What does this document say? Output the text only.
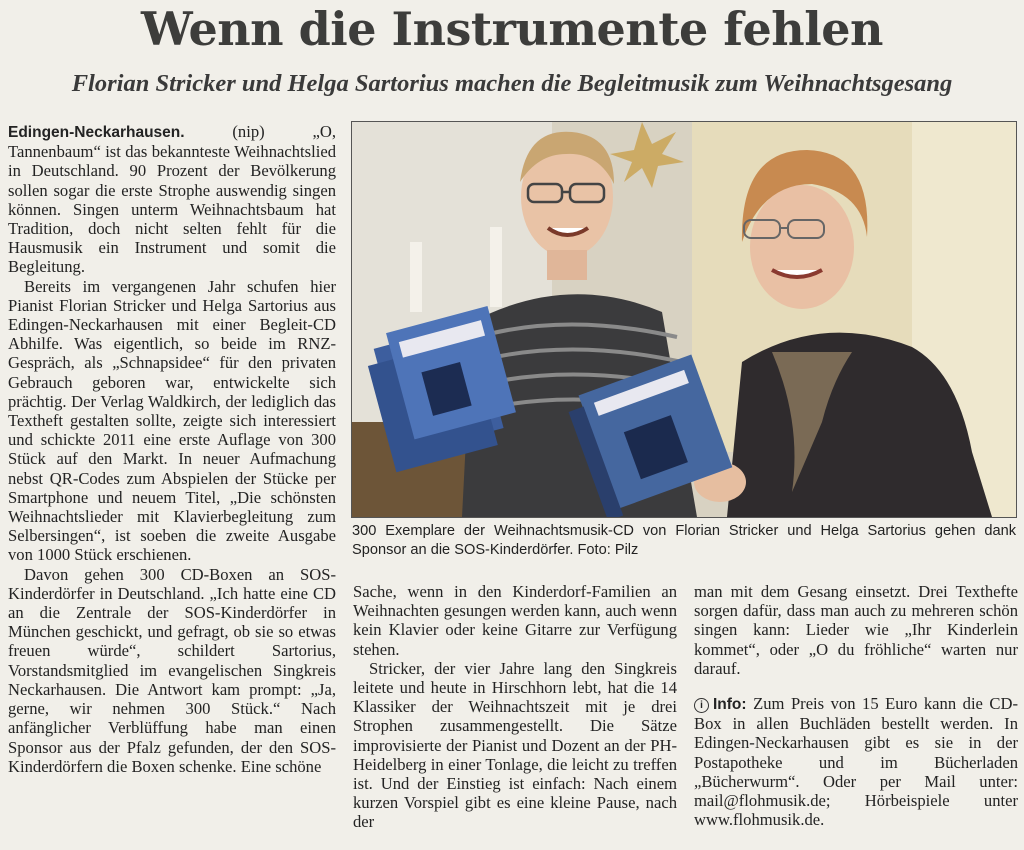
Wenn die Instrumente fehlen
Florian Stricker und Helga Sartorius machen die Begleitmusik zum Weihnachtsgesang

Edingen-Neckarhausen.	(nip) „O, Tannenbaum“ ist das bekannteste Weihnachtslied in Deutschland. 90 Prozent der Bevölkerung sollen sogar die erste Strophe auswendig singen können. Singen unterm Weihnachtsbaum hat Tradition, doch nicht selten fehlt für die Hausmusik ein Instrument und somit die Begleitung.

Bereits im vergangenen Jahr schufen hier Pianist Florian Stricker und Helga Sartorius aus Edingen-Neckarhausen mit einer Begleit-CD Abhilfe. Was eigentlich, so beide im RNZ-Gespräch, als „Schnapsidee“ für den privaten Gebrauch geboren war, entwickelte sich prächtig. Der Verlag Waldkirch, der lediglich das Textheft gestalten sollte, zeigte sich interessiert und schickte 2011 eine erste Auflage von 300 Stück auf den Markt. In neuer Aufmachung nebst QR-Codes zum Abspielen der Stücke per Smartphone und neuem Titel, „Die schönsten Weihnachtslieder mit Klavierbegleitung zum Selbersingen“, ist soeben die zweite Ausgabe von 1000 Stück erschienen.

Davon gehen 300 CD-Boxen an SOS-Kinderdörfer in Deutschland. „Ich hatte eine CD an die Zentrale der SOS-Kinderdörfer in München geschickt, und gefragt, ob sie so etwas freuen würde“, schildert Sartorius, Vorstandsmitglied im evangelischen Singkreis Neckarhausen. Die Antwort kam prompt: „Ja, gerne, wir nehmen 300 Stück.“ Nach anfänglicher Verblüffung habe man einen Sponsor aus der Pfalz gefunden, der den SOS-Kinderdörfern die Boxen schenke. Eine schöne

300 Exemplare der Weihnachtsmusik-CD von Florian Stricker und Helga Sartorius gehen dank Sponsor an die SOS-Kinderdörfer. Foto: Pilz

Sache, wenn in den Kinderdorf-Familien an Weihnachten gesungen werden kann, auch wenn kein Klavier oder keine Gitarre zur Verfügung stehen.

Stricker, der vier Jahre lang den Singkreis leitete und heute in Hirschhorn lebt, hat die 14 Klassiker der Weihnachtszeit mit je drei Strophen zusammengestellt. Die Sätze improvisierte der Pianist und Dozent an der PH-Heidelberg in einer Tonlage, die leicht zu treffen ist. Und der Einstieg ist einfach: Nach einem kurzen Vorspiel gibt es eine kleine Pause, nach der

man mit dem Gesang einsetzt. Drei Texthefte sorgen dafür, dass man auch zu mehreren schön singen kann: Lieder wie „Ihr Kinderlein kommet“, oder „O du fröhliche“ warten nur darauf.

i Info: Zum Preis von 15 Euro kann die CD-Box in allen Buchläden bestellt werden. In Edingen-Neckarhausen gibt es sie in der Postapotheke und im Bücherladen „Bücherwurm“. Oder per Mail unter: mail@flohmusik.de; Hörbeispiele unter www.flohmusik.de.
